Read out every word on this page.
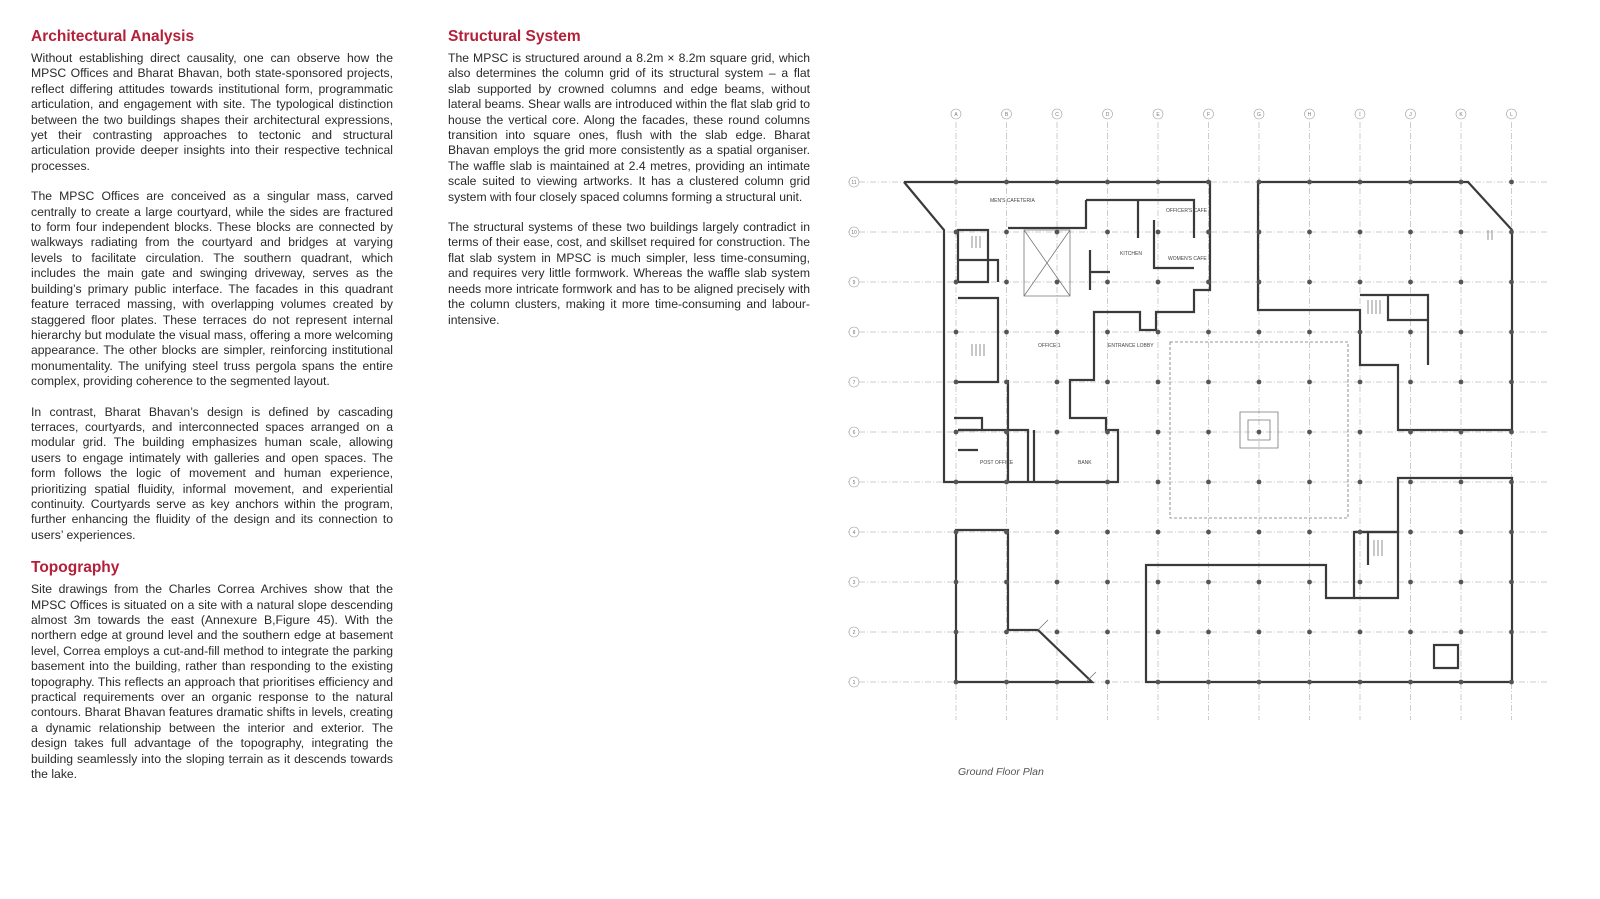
Architectural Analysis

Without establishing direct causality, one can observe how the MPSC Offices and Bharat Bhavan, both state-sponsored projects, reflect differing attitudes towards institutional form, programmatic articulation, and engagement with site. The typological distinction between the two buildings shapes their architectural expressions, yet their contrasting approaches to tectonic and structural articulation provide deeper insights into their respective technical processes.

The MPSC Offices are conceived as a singular mass, carved centrally to create a large courtyard, while the sides are fractured to form four independent blocks. These blocks are connected by walkways radiating from the courtyard and bridges at varying levels to facilitate circulation. The southern quadrant, which includes the main gate and swinging driveway, serves as the building’s primary public interface. The facades in this quadrant feature terraced massing, with overlapping volumes created by staggered floor plates. These terraces do not represent internal hierarchy but modulate the visual mass, offering a more welcoming appearance. The other blocks are simpler, reinforcing institutional monumentality. The unifying steel truss pergola spans the entire complex, providing coherence to the segmented layout.

In contrast, Bharat Bhavan’s design is defined by cascading terraces, courtyards, and interconnected spaces arranged on a modular grid. The building emphasizes human scale, allowing users to engage intimately with galleries and open spaces. The form follows the logic of movement and human experience, prioritizing spatial fluidity, informal movement, and experiential continuity. Courtyards serve as key anchors within the program, further enhancing the fluidity of the design and its connection to users’ experiences.

Topography

Site drawings from the Charles Correa Archives show that the MPSC Offices is situated on a site with a natural slope descending almost 3m towards the east (Annexure B,Figure 45). With the northern edge at ground level and the southern edge at basement level, Correa employs a cut-and-fill method to integrate the parking basement into the building, rather than responding to the existing topography. This reflects an approach that prioritises efficiency and practical requirements over an organic response to the natural contours. Bharat Bhavan features dramatic shifts in levels, creating a dynamic relationship between the interior and exterior. The design takes full advantage of the topography, integrating the building seamlessly into the sloping terrain as it descends towards the lake.

Structural System

The MPSC is structured around a 8.2m × 8.2m square grid, which also determines the column grid of its structural system – a flat slab supported by crowned columns and edge beams, without lateral beams. Shear walls are introduced within the flat slab grid to house the vertical core. Along the facades, these round columns transition into square ones, flush with the slab edge. Bharat Bhavan employs the grid more consistently as a spatial organiser. The waffle slab is maintained at 2.4 metres, providing an intimate scale suited to viewing artworks. It has a clustered column grid system with four closely spaced columns forming a structural unit.

The structural systems of these two buildings largely contradict in terms of their ease, cost, and skillset required for construction. The flat slab system in MPSC is much simpler, less time-consuming, and requires very little formwork. Whereas the waffle slab system needs more intricate formwork and has to be aligned precisely with the column clusters, making it more time-consuming and labour-intensive.

A	B	C	D	E	F	G	H	I	J	K	L
11
10
9
8
7
6
5
4
3
2
1
MEN'S CAFETERIA
KITCHEN
OFFICER'S CAFE
WOMEN'S CAFE
OFFICE 1	ENTRANCE LOBBY
POST OFFICE	BANK
Ground Floor Plan
